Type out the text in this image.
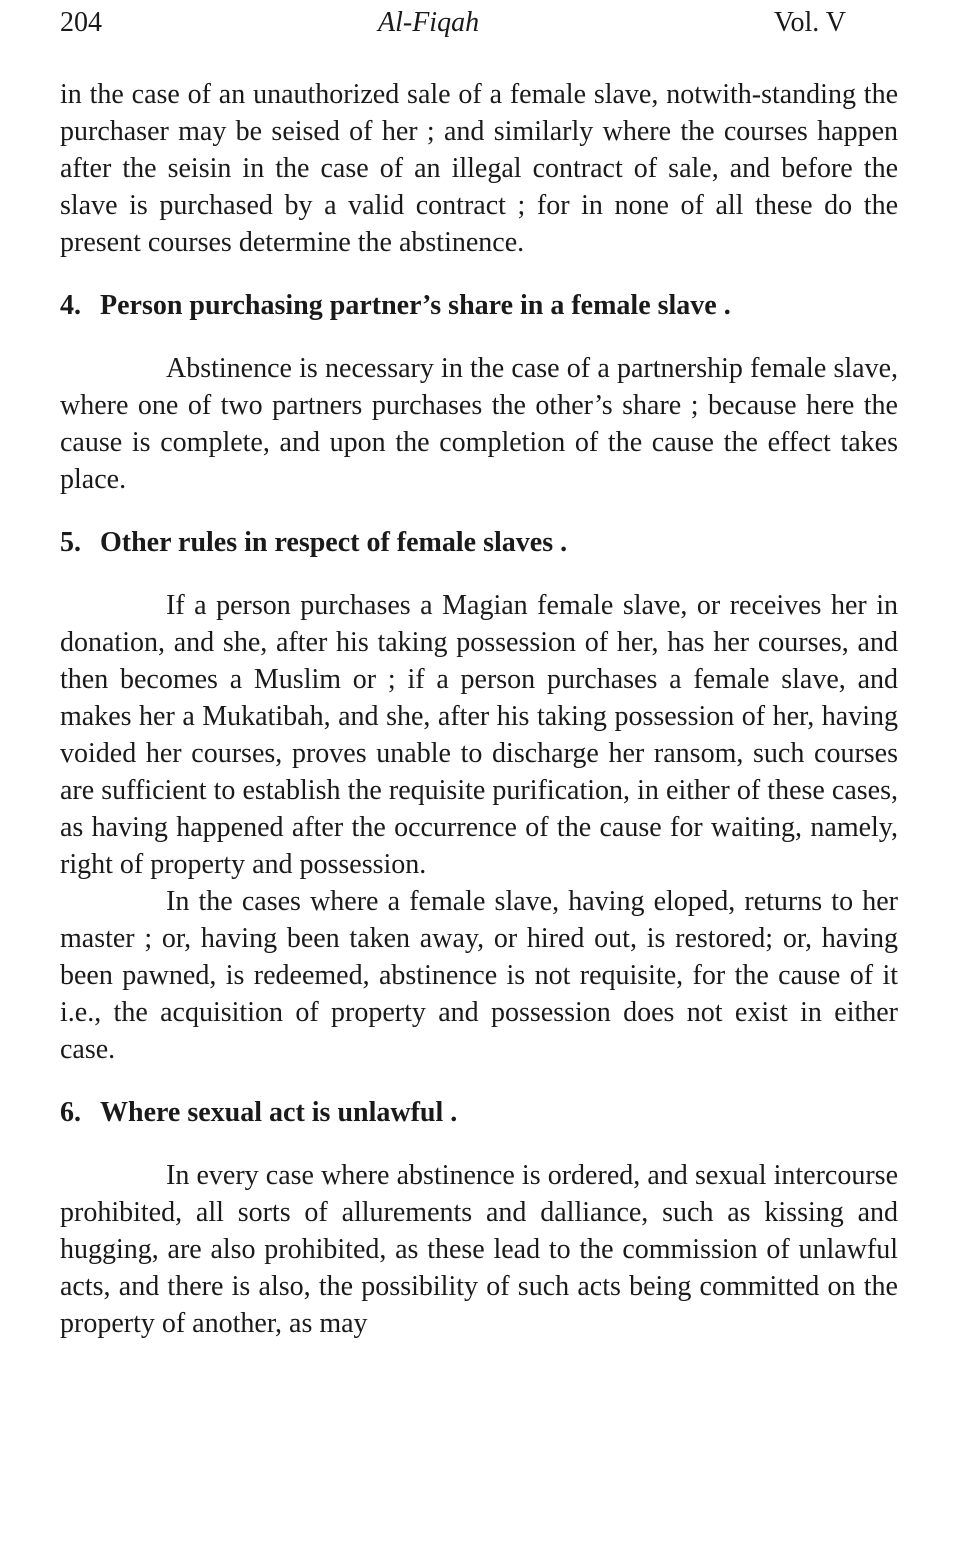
204	Al-Fiqah	Vol. V

in the case of an unauthorized sale of a female slave, notwith-standing the purchaser may be seised of her ; and similarly where the courses happen after the seisin in the case of an illegal contract of sale, and before the slave is purchased by a valid contract ; for in none of all these do the present courses determine the abstinence.

4. Person purchasing partner’s share in a female slave .

Abstinence is necessary in the case of a partnership female slave, where one of two partners purchases the other’s share ; because here the cause is complete, and upon the completion of the cause the effect takes place.

5. Other rules in respect of female slaves .

If a person purchases a Magian female slave, or receives her in donation, and she, after his taking possession of her, has her courses, and then becomes a Muslim or ; if a person purchases a female slave, and makes her a Mukatibah, and she, after his taking possession of her, having voided her courses, proves unable to discharge her ransom, such courses are sufficient to establish the requisite purification, in either of these cases, as having happened after the occurrence of the cause for waiting, namely, right of property and possession.

In the cases where a female slave, having eloped, returns to her master ; or, having been taken away, or hired out, is restored; or, having been pawned, is redeemed, abstinence is not requisite, for the cause of it i.e., the acquisition of property and possession does not exist in either case.

6. Where sexual act is unlawful .

In every case where abstinence is ordered, and sexual intercourse prohibited, all sorts of allurements and dalliance, such as kissing and hugging, are also prohibited, as these lead to the commission of unlawful acts, and there is also, the possibility of such acts being committed on the property of another, as may
